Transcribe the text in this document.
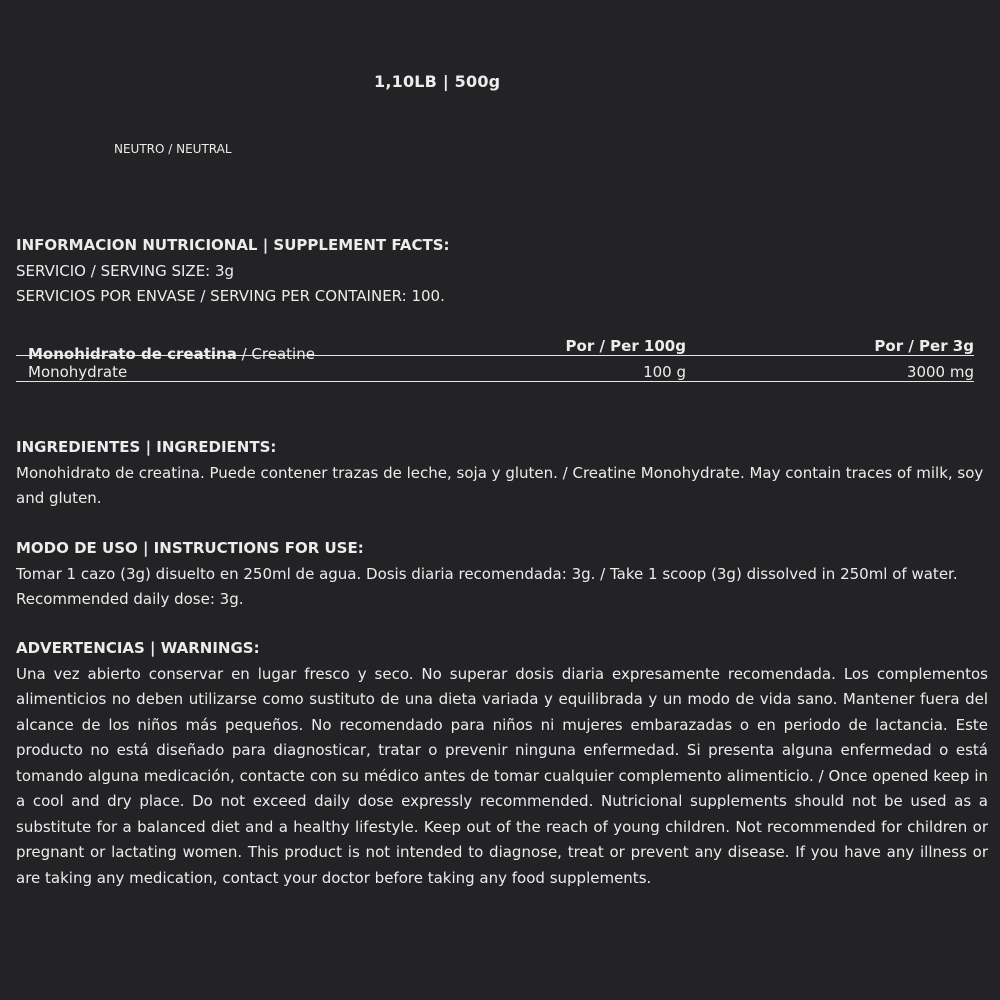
1,10LB | 500g
NEUTRO / NEUTRAL
INFORMACION NUTRICIONAL | SUPPLEMENT FACTS:
SERVICIO / SERVING SIZE: 3g
SERVICIOS POR ENVASE / SERVING PER CONTAINER: 100.
Por / Per 100g	Por / Per 3g
Monohidrato de creatina / Creatine Monohydrate	100 g	3000 mg
INGREDIENTES | INGREDIENTS:
Monohidrato de creatina. Puede contener trazas de leche, soja y gluten. / Creatine Monohydrate. May contain traces of milk, soy and gluten.
MODO DE USO | INSTRUCTIONS FOR USE:
Tomar 1 cazo (3g) disuelto en 250ml de agua. Dosis diaria recomendada: 3g. / Take 1 scoop (3g) dissolved in 250ml of water. Recommended daily dose: 3g.
ADVERTENCIAS | WARNINGS:
Una vez abierto conservar en lugar fresco y seco. No superar dosis diaria expresamente recomendada. Los complementos alimenticios no deben utilizarse como sustituto de una dieta variada y equilibrada y un modo de vida sano. Mantener fuera del alcance de los niños más pequeños. No recomendado para niños ni mujeres embarazadas o en periodo de lactancia. Este producto no está diseñado para diagnosticar, tratar o prevenir ninguna enfermedad. Si presenta alguna enfermedad o está tomando alguna medicación, contacte con su médico antes de tomar cualquier complemento alimenticio. / Once opened keep in a cool and dry place. Do not exceed daily dose expressly recommended. Nutricional supplements should not be used as a substitute for a balanced diet and a healthy lifestyle. Keep out of the reach of young children. Not recommended for children or pregnant or lactating women. This product is not intended to diagnose, treat or prevent any disease. If you have any illness or are taking any medication, contact your doctor before taking any food supplements.
